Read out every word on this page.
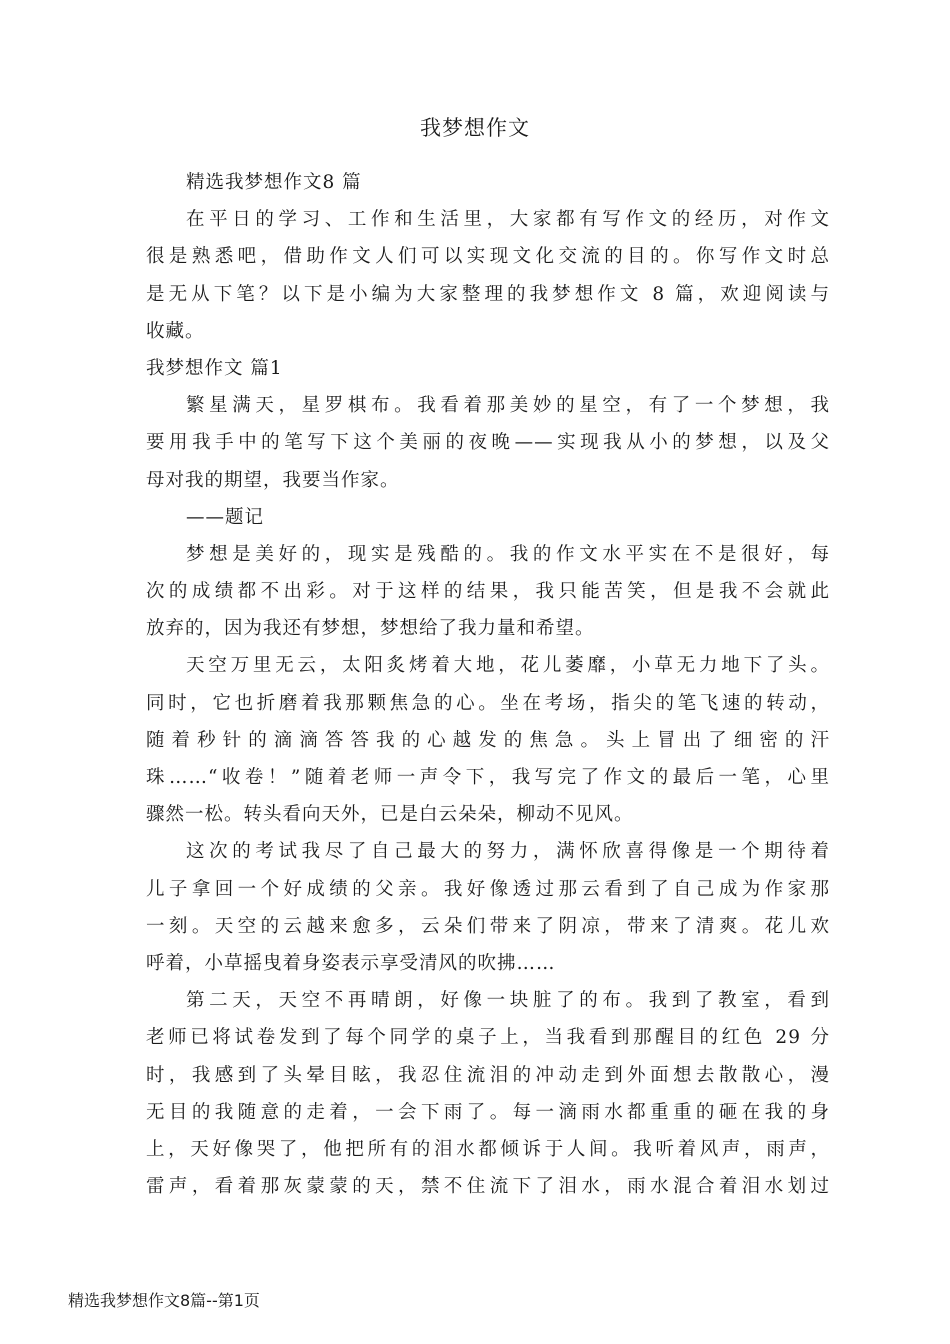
我梦想作文
精选我梦想作文8 篇
在平日的学习、工作和生活里，大家都有写作文的经历，对作文
很是熟悉吧，借助作文人们可以实现文化交流的目的。你写作文时总
是无从下笔？以下是小编为大家整理的我梦想作文 8 篇，欢迎阅读与
收藏。
我梦想作文 篇1
繁星满天，星罗棋布。我看着那美妙的星空，有了一个梦想，我
要用我手中的笔写下这个美丽的夜晚——实现我从小的梦想，以及父
母对我的期望，我要当作家。
——题记
梦想是美好的，现实是残酷的。我的作文水平实在不是很好，每
次的成绩都不出彩。对于这样的结果，我只能苦笑，但是我不会就此
放弃的，因为我还有梦想，梦想给了我力量和希望。
天空万里无云，太阳炙烤着大地，花儿萎靡，小草无力地下了头。
同时，它也折磨着我那颗焦急的心。坐在考场，指尖的笔飞速的转动，
随着秒针的滴滴答答我的心越发的焦急。头上冒出了细密的汗
珠……“收卷！”随着老师一声令下，我写完了作文的最后一笔，心里
骤然一松。转头看向天外，已是白云朵朵，柳动不见风。
这次的考试我尽了自己最大的努力，满怀欣喜得像是一个期待着
儿子拿回一个好成绩的父亲。我好像透过那云看到了自己成为作家那
一刻。天空的云越来愈多，云朵们带来了阴凉，带来了清爽。花儿欢
呼着，小草摇曳着身姿表示享受清风的吹拂……
第二天，天空不再晴朗，好像一块脏了的布。我到了教室，看到
老师已将试卷发到了每个同学的桌子上，当我看到那醒目的红色 29 分
时，我感到了头晕目眩，我忍住流泪的冲动走到外面想去散散心，漫
无目的我随意的走着，一会下雨了。每一滴雨水都重重的砸在我的身
上，天好像哭了，他把所有的泪水都倾诉于人间。我听着风声，雨声，
雷声，看着那灰蒙蒙的天，禁不住流下了泪水，雨水混合着泪水划过
精选我梦想作文8篇--第1页
